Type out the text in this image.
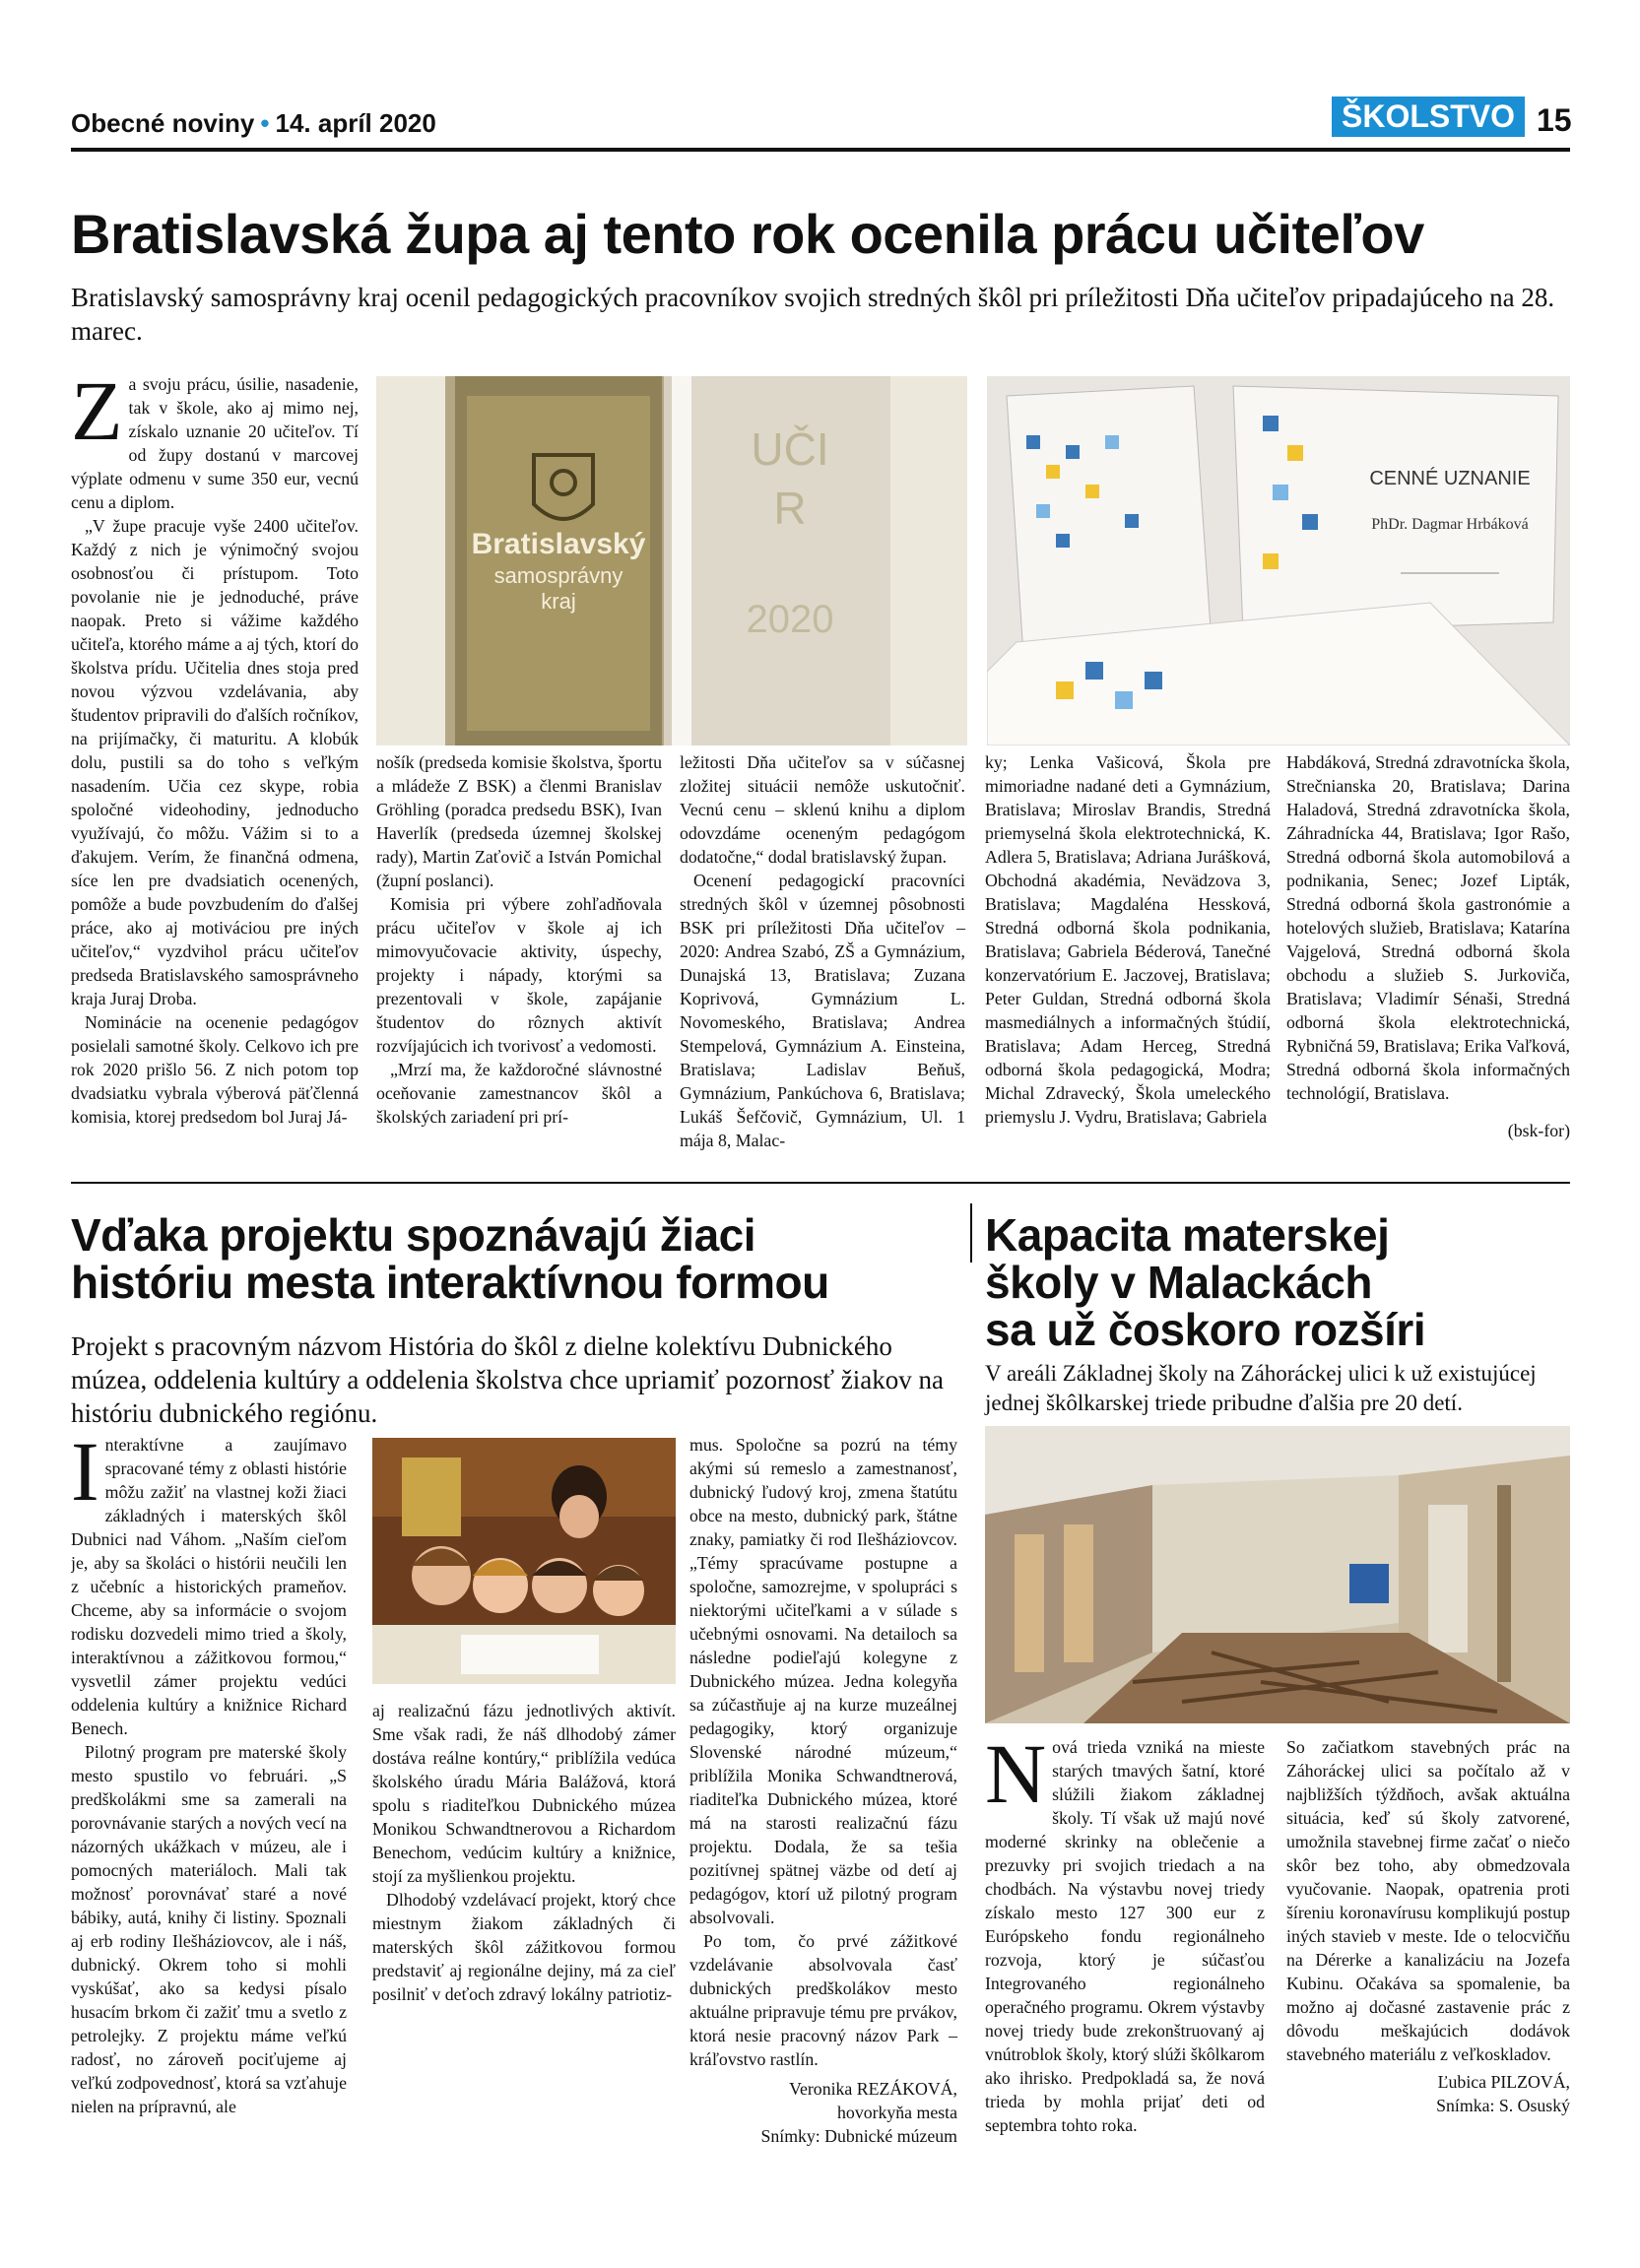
Obecné noviny • 14. apríl 2020	ŠKOLSTVO 15
Bratislavská župa aj tento rok ocenila prácu učiteľov
Bratislavský samosprávny kraj ocenil pedagogických pracovníkov svojich stredných škôl pri príležitosti Dňa učiteľov pripadajúceho na 28. marec.

Za svoju prácu, úsilie, nasadenie, tak v škole, ako aj mimo nej, získalo uznanie 20 učiteľov. Tí od župy dostanú v marcovej výplate odmenu v sume 350 eur, vecnú cenu a diplom.

„V župe pracuje vyše 2400 učiteľov. Každý z nich je výnimočný svojou osobnosťou či prístupom. Toto povolanie nie je jednoduché, práve naopak. Preto si vážime každého učiteľa, ktorého máme a aj tých, ktorí do školstva prídu. Učitelia dnes stoja pred novou výzvou vzdelávania, aby študentov pripravili do ďalších ročníkov, na prijímačky, či maturitu. A klobúk dolu, pustili sa do toho s veľkým nasadením. Učia cez skype, robia spoločné videohodiny, jednoducho využívajú, čo môžu. Vážim si to a ďakujem. Verím, že finančná odmena, síce len pre dvadsiatich ocenených, pomôže a bude povzbudením do ďalšej práce, ako aj motiváciou pre iných učiteľov,“ vyzdvihol prácu učiteľov predseda Bratislavského samosprávneho kraja Juraj Droba.

Nominácie na ocenenie pedagógov posielali samotné školy. Celkovo ich pre rok 2020 prišlo 56. Z nich potom top dvadsiatku vybrala výberová päťčlenná komisia, ktorej predsedom bol Juraj Já-

Bratislavský
samosprávny
kraj
UČI
R
2020
CENNÉ UZNANIE
PhDr. Dagmar Hrbáková

nošík (predseda komisie školstva, športu a mládeže Z BSK) a členmi Branislav Gröhling (poradca predsedu BSK), Ivan Haverlík (predseda územnej školskej rady), Martin Zaťovič a István Pomichal (župní poslanci).

Komisia pri výbere zohľadňovala prácu učiteľov v škole aj ich mimovyučovacie aktivity, úspechy, projekty i nápady, ktorými sa prezentovali v škole, zapájanie študentov do rôznych aktivít rozvíjajúcich ich tvorivosť a vedomosti.

„Mrzí ma, že každoročné slávnostné oceňovanie zamestnancov škôl a školských zariadení pri prí-

ležitosti Dňa učiteľov sa v súčasnej zložitej situácii nemôže uskutočniť. Vecnú cenu – sklenú knihu a diplom odovzdáme oceneným pedagógom dodatočne,“ dodal bratislavský župan.

Ocenení pedagogickí pracovníci stredných škôl v územnej pôsobnosti BSK pri príležitosti Dňa učiteľov – 2020: Andrea Szabó, ZŠ a Gymnázium, Dunajská 13, Bratislava; Zuzana Koprivová, Gymnázium L. Novomeského, Bratislava; Andrea Stempelová, Gymnázium A. Einsteina, Bratislava; Ladislav Beňuš, Gymnázium, Pankúchova 6, Bratislava; Lukáš Šefčovič, Gymnázium, Ul. 1 mája 8, Malac-

ky; Lenka Vašicová, Škola pre mimoriadne nadané deti a Gymnázium, Bratislava; Miroslav Brandis, Stredná priemyselná škola elektrotechnická, K. Adlera 5, Bratislava; Adriana Jurášková, Obchodná akadémia, Nevädzova 3, Bratislava; Magdaléna Hessková, Stredná odborná škola podnikania, Bratislava; Gabriela Béderová, Tanečné konzervatórium E. Jaczovej, Bratislava; Peter Guldan, Stredná odborná škola masmediálnych a informačných štúdií, Bratislava; Adam Herceg, Stredná odborná škola pedagogická, Modra; Michal Zdravecký, Škola umeleckého priemyslu J. Vydru, Bratislava; Gabriela

Habdáková, Stredná zdravotnícka škola, Strečnianska 20, Bratislava; Darina Haladová, Stredná zdravotnícka škola, Záhradnícka 44, Bratislava; Igor Rašo, Stredná odborná škola automobilová a podnikania, Senec; Jozef Lipták, Stredná odborná škola gastronómie a hotelových služieb, Bratislava; Katarína Vajgelová, Stredná odborná škola obchodu a služieb S. Jurkoviča, Bratislava; Vladimír Sénaši, Stredná odborná škola elektrotechnická, Rybničná 59, Bratislava; Erika Vaľková, Stredná odborná škola informačných technológií, Bratislava.

(bsk-for)
Vďaka projektu spoznávajú žiaci
históriu mesta interaktívnou formou
Projekt s pracovným názvom História do škôl z dielne kolektívu Dubnického múzea, oddelenia kultúry a oddelenia školstva chce upriamiť pozornosť žiakov na históriu dubnického regiónu.

Interaktívne a zaujímavo spracované témy z oblasti histórie môžu zažiť na vlastnej koži žiaci základných i materských škôl Dubnici nad Váhom. „Naším cieľom je, aby sa školáci o histórii neučili len z učebníc a historických prameňov. Chceme, aby sa informácie o svojom rodisku dozvedeli mimo tried a školy, interaktívnou a zážitkovou formou,“ vysvetlil zámer projektu vedúci oddelenia kultúry a knižnice Richard Benech.

Pilotný program pre materské školy mesto spustilo vo februári. „S predškolákmi sme sa zamerali na porovnávanie starých a nových vecí na názorných ukážkach v múzeu, ale i pomocných materiáloch. Mali tak možnosť porovnávať staré a nové bábiky, autá, knihy či listiny. Spoznali aj erb rodiny Ilešháziovcov, ale i náš, dubnický. Okrem toho si mohli vyskúšať, ako sa kedysi písalo husacím brkom či zažiť tmu a svetlo z petrolejky. Z projektu máme veľkú radosť, no zároveň pociťujeme aj veľkú zodpovednosť, ktorá sa vzťahuje nielen na prípravnú, ale

aj realizačnú fázu jednotlivých aktivít. Sme však radi, že náš dlhodobý zámer dostáva reálne kontúry,“ priblížila vedúca školského úradu Mária Balážová, ktorá spolu s riaditeľkou Dubnického múzea Monikou Schwandtnerovou a Richardom Benechom, vedúcim kultúry a knižnice, stojí za myšlienkou projektu.

Dlhodobý vzdelávací projekt, ktorý chce miestnym žiakom základných či materských škôl zážitkovou formou predstaviť aj regionálne dejiny, má za cieľ posilniť v deťoch zdravý lokálny patriotiz-

mus. Spoločne sa pozrú na témy akými sú remeslo a zamestnanosť, dubnický ľudový kroj, zmena štatútu obce na mesto, dubnický park, štátne znaky, pamiatky či rod Ilešháziovcov. „Témy spracúvame postupne a spoločne, samozrejme, v spolupráci s niektorými učiteľkami a v súlade s učebnými osnovami. Na detailoch sa následne podieľajú kolegyne z Dubnického múzea. Jedna kolegyňa sa zúčastňuje aj na kurze muzeálnej pedagogiky, ktorý organizuje Slovenské národné múzeum,“ priblížila Monika Schwandtnerová, riaditeľka Dubnického múzea, ktoré má na starosti realizačnú fázu projektu. Dodala, že sa tešia pozitívnej spätnej väzbe od detí aj pedagógov, ktorí už pilotný program absolvovali.

Po tom, čo prvé zážitkové vzdelávanie absolvovala časť dubnických predškolákov mesto aktuálne pripravuje tému pre prvákov, ktorá nesie pracovný názov Park – kráľovstvo rastlín.

Veronika REZÁKOVÁ,
hovorkyňa mesta
Snímky: Dubnické múzeum
Kapacita materskej
školy v Malackách
sa už čoskoro rozšíri
V areáli Základnej školy na Záhoráckej ulici k už existujúcej jednej škôlkarskej triede pribudne ďalšia pre 20 detí.

Nová trieda vzniká na mieste starých tmavých šatní, ktoré slúžili žiakom základnej školy. Tí však už majú nové moderné skrinky na oblečenie a prezuvky pri svojich triedach a na chodbách. Na výstavbu novej triedy získalo mesto 127 300 eur z Európskeho fondu regionálneho rozvoja, ktorý je súčasťou Integrovaného regionálneho operačného programu. Okrem výstavby novej triedy bude zrekonštruovaný aj vnútroblok školy, ktorý slúži škôlkarom ako ihrisko. Predpokladá sa, že nová trieda by mohla prijať deti od septembra tohto roka.

So začiatkom stavebných prác na Záhoráckej ulici sa počítalo až v najbližších týždňoch, avšak aktuálna situácia, keď sú školy zatvorené, umožnila stavebnej firme začať o niečo skôr bez toho, aby obmedzovala vyučovanie. Naopak, opatrenia proti šíreniu koronavírusu komplikujú postup iných stavieb v meste. Ide o telocvičňu na Dérerke a kanalizáciu na Jozefa Kubinu. Očakáva sa spomalenie, ba možno aj dočasné zastavenie prác z dôvodu meškajúcich dodávok stavebného materiálu z veľkoskladov.

Ľubica PILZOVÁ,
Snímka: S. Osuský
